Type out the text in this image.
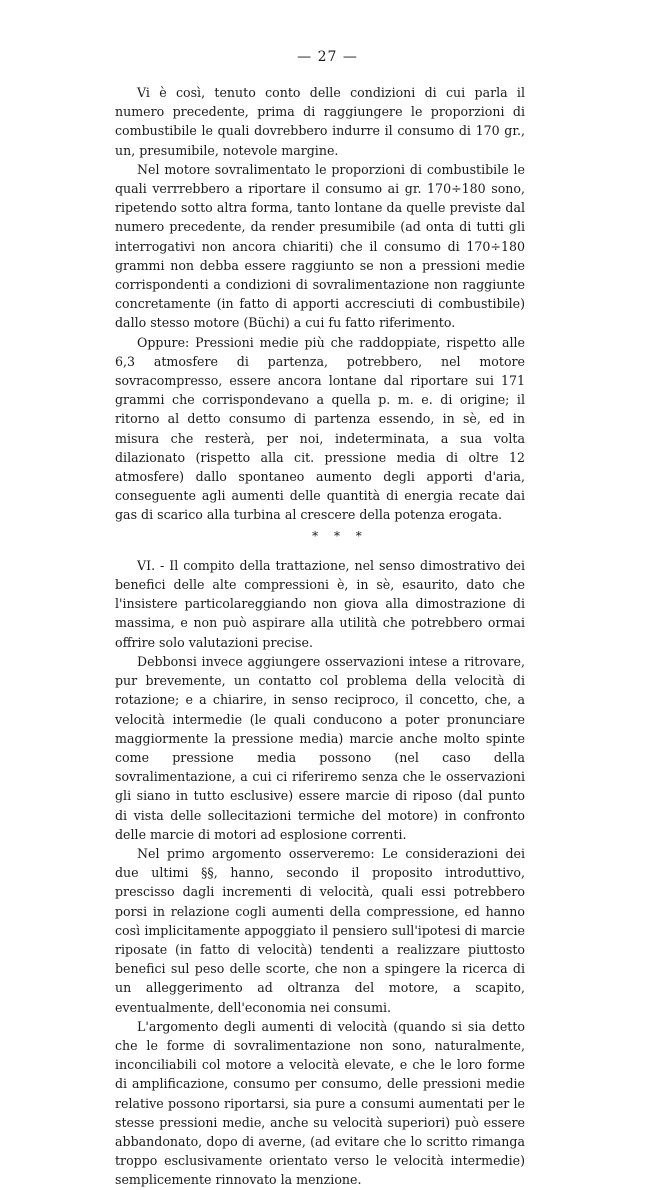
— 27 —

Vi è così, tenuto conto delle condizioni di cui parla il numero precedente, prima di raggiungere le proporzioni di combustibile le quali dovrebbero indurre il consumo di 170 gr., un, presumibile, notevole margine.

Nel motore sovralimentato le proporzioni di combustibile le quali verrrebbero a riportare il consumo ai gr. 170÷180 sono, ripetendo sotto altra forma, tanto lontane da quelle previste dal numero precedente, da render presumibile (ad onta di tutti gli interrogativi non ancora chiariti) che il consumo di 170÷180 grammi non debba essere raggiunto se non a pressioni medie corrispondenti a condizioni di sovralimentazione non raggiunte concretamente (in fatto di apporti accresciuti di combustibile) dallo stesso motore (Büchi) a cui fu fatto riferimento.

Oppure: Pressioni medie più che raddoppiate, rispetto alle 6,3 atmosfere di partenza, potrebbero, nel motore sovracompresso, essere ancora lontane dal riportare sui 171 grammi che corrispondevano a quella p. m. e. di origine; il ritorno al detto consumo di partenza essendo, in sè, ed in misura che resterà, per noi, indeterminata, a sua volta dilazionato (rispetto alla cit. pressione media di oltre 12 atmosfere) dallo spontaneo aumento degli apporti d'aria, conseguente agli aumenti delle quantità di energia recate dai gas di scarico alla turbina al crescere della potenza erogata.

* * *

VI. - Il compito della trattazione, nel senso dimostrativo dei benefici delle alte compressioni è, in sè, esaurito, dato che l'insistere particolareggiando non giova alla dimostrazione di massima, e non può aspirare alla utilità che potrebbero ormai offrire solo valutazioni precise.

Debbonsi invece aggiungere osservazioni intese a ritrovare, pur brevemente, un contatto col problema della velocità di rotazione; e a chiarire, in senso reciproco, il concetto, che, a velocità intermedie (le quali conducono a poter pronunciare maggiormente la pressione media) marcie anche molto spinte come pressione media possono (nel caso della sovralimentazione, a cui ci riferiremo senza che le osservazioni gli siano in tutto esclusive) essere marcie di riposo (dal punto di vista delle sollecitazioni termiche del motore) in confronto delle marcie di motori ad esplosione correnti.

Nel primo argomento osserveremo: Le considerazioni dei due ultimi §§, hanno, secondo il proposito introduttivo, prescisso dagli incrementi di velocità, quali essi potrebbero porsi in relazione cogli aumenti della compressione, ed hanno così implicitamente appoggiato il pensiero sull'ipotesi di marcie riposate (in fatto di velocità) tendenti a realizzare piuttosto benefici sul peso delle scorte, che non a spingere la ricerca di un alleggerimento ad oltranza del motore, a scapito, eventualmente, dell'economia nei consumi.

L'argomento degli aumenti di velocità (quando si sia detto che le forme di sovralimentazione non sono, naturalmente, inconciliabili col motore a velocità elevate, e che le loro forme di amplificazione, consumo per consumo, delle pressioni medie relative possono riportarsi, sia pure a consumi aumentati per le stesse pressioni medie, anche su velocità superiori) può essere abbandonato, dopo di averne, (ad evitare che lo scritto rimanga troppo esclusivamente orientato verso le velocità intermedie) semplicemente rinnovato la menzione.
